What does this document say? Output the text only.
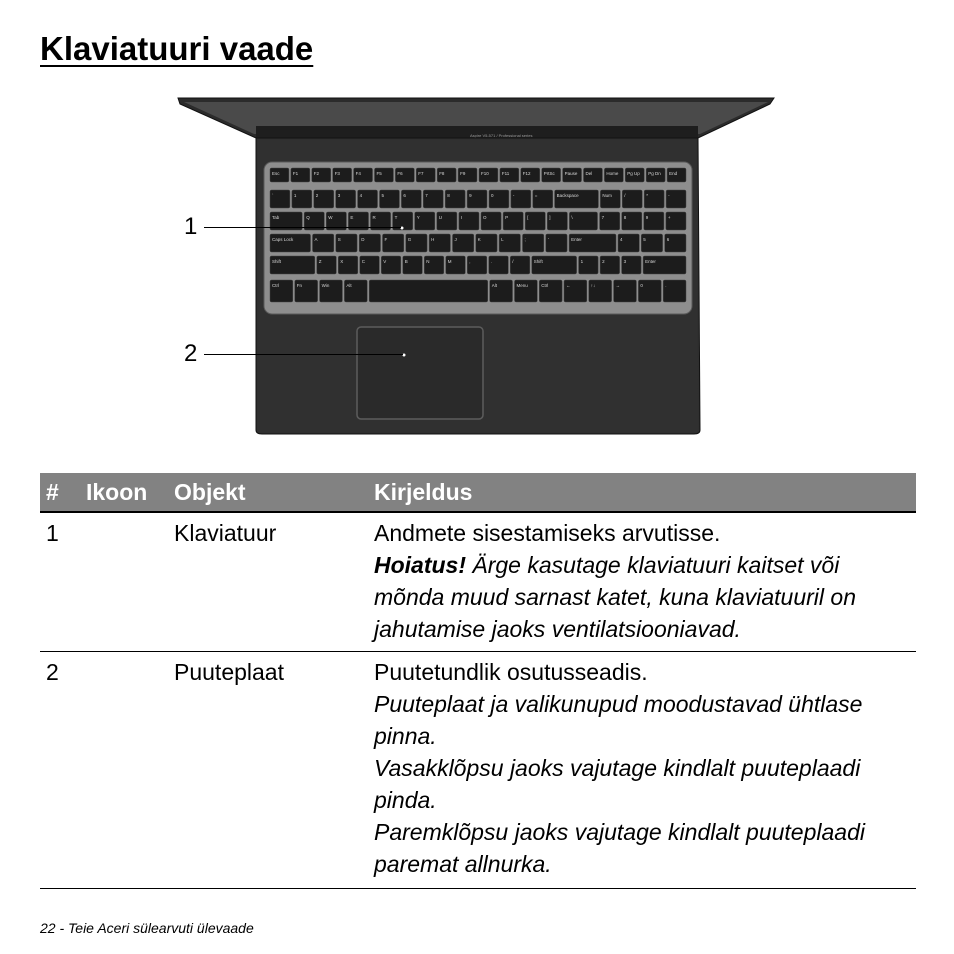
Klaviatuuri vaade
Aspire V5-571 / Professional series
Esc	F1	F2	F3	F4	F5	F6	F7	F8	F9	F10	F11	F12	PrtSc Pause Del	Home Pg Up Pg Dn End
`	1	2	3	4	5	6	7	8	9	0	-	=	Backspace	Num	/	*	-
Tab	Q	W	E	R	T	Y	U	I	O	P	[	]	\	7	8	9	+
Caps Lock	A	S	D	F	G	H	J	K	L	;	'	Enter	4	5	6
Shift	Z	X	C	V	B	N	M	,	.	/	Shift	1	2	3	Enter
Ctrl	Fn	Win	Alt	Alt	Menu	Ctrl	←	↑↓	→	0	.
1
2
#	Ikoon	Objekt	Kirjeldus
1		Klaviatuur	Andmete sisestamiseks arvutisse.
Hoiatus! Ärge kasutage klaviatuuri kaitset või mõnda muud sarnast katet, kuna klaviatuuril on jahutamise jaoks ventilatsiooniavad.

2		Puuteplaat	Puutetundlik osutusseadis.
Puuteplaat ja valikunupud moodustavad ühtlase pinna.
Vasakklõpsu jaoks vajutage kindlalt puuteplaadi pinda.
Paremklõpsu jaoks vajutage kindlalt puuteplaadi paremat allnurka.
22 - Teie Aceri sülearvuti ülevaade
